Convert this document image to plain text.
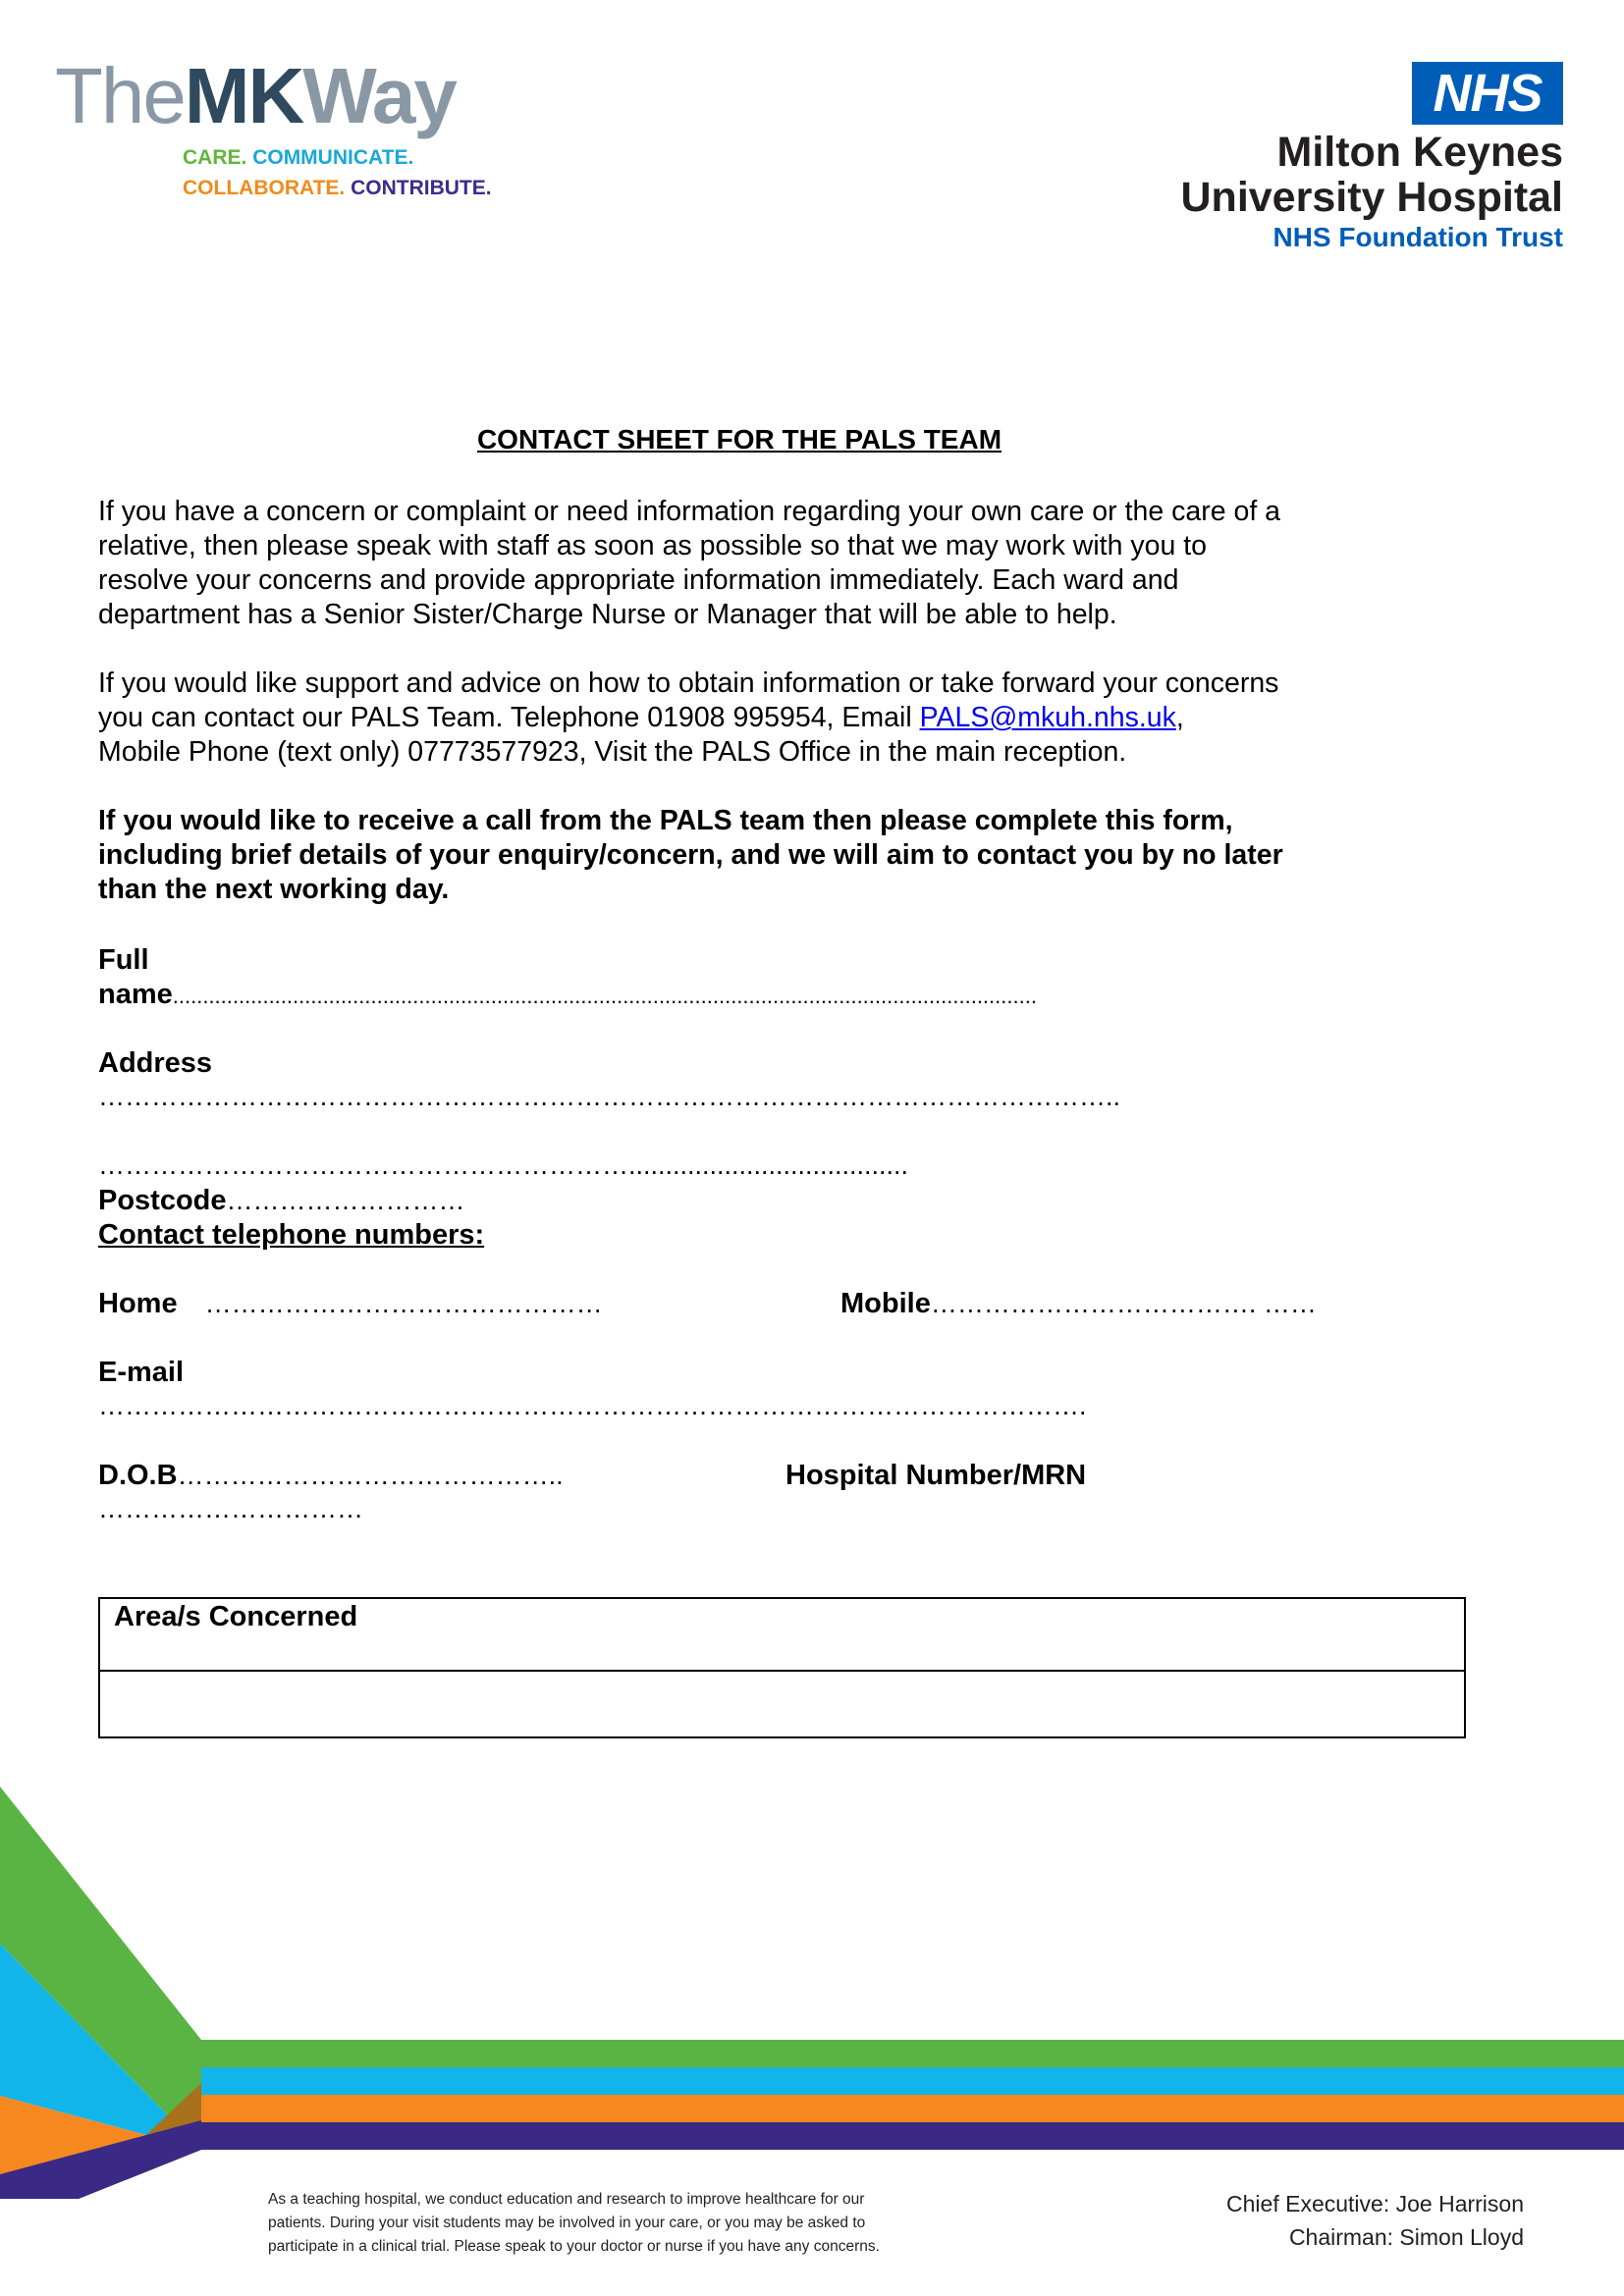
TheMKWay
CARE. COMMUNICATE.
COLLABORATE. CONTRIBUTE.
NHS
Milton Keynes
University Hospital
NHS Foundation Trust
CONTACT SHEET FOR THE PALS TEAM
If you have a concern or complaint or need information regarding your own care or the care of a
relative, then please speak with staff as soon as possible so that we may work with you to
resolve your concerns and provide appropriate information immediately. Each ward and
department has a Senior Sister/Charge Nurse or Manager that will be able to help.
If you would like support and advice on how to obtain information or take forward your concerns
you can contact our PALS Team. Telephone 01908 995954, Email PALS@mkuh.nhs.uk,
Mobile Phone (text only) 07773577923, Visit the PALS Office in the main reception.
If you would like to receive a call from the PALS team then please complete this form,
including brief details of your enquiry/concern, and we will aim to contact you by no later
than the next working day.
Full
name................................................................................................................................................
Address
……………………………………………………………………………………………………..
……………………………………………………......................................
Postcode………………………
Contact telephone numbers:
Home ………………………………………	Mobile………………………………. ……
E-mail
………………………………………………………………………………………………….
D.O.B……………………………………..	Hospital Number/MRN
…………………………
Area/s Concerned
As a teaching hospital, we conduct education and research to improve healthcare for our
patients. During your visit students may be involved in your care, or you may be asked to
participate in a clinical trial. Please speak to your doctor or nurse if you have any concerns.
Chief Executive: Joe Harrison
Chairman: Simon Lloyd
